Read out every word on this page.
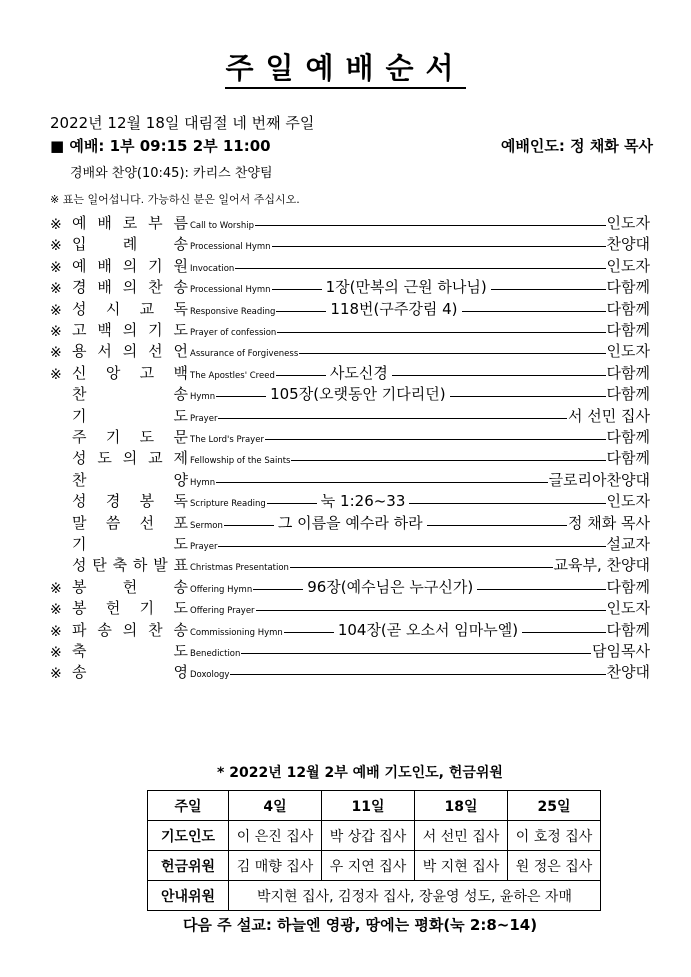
주일예배순서
2022년 12월 18일 대림절 네 번째 주일
■ 예배: 1부 09:15 2부 11:00	예배인도: 정 채화 목사
경배와 찬양(10:45): 카리스 찬양팀
※ 표는 일어섭니다. 가능하신 분은 일어서 주십시오.
※ 예 배 로 부 름 Call to Worship	인도자
※ 입 례 송 Processional Hymn	찬양대
※ 예 배 의 기 원 Invocation	인도자
※ 경 배 의 찬 송 Processional Hymn	1장(만복의 근원 하나님)	다함께
※ 성 시 교 독 Responsive Reading	118번(구주강림 4)	다함께
※ 고 백 의 기 도 Prayer of confession	다함께
※ 용 서 의 선 언 Assurance of Forgiveness	인도자
※ 신 앙 고 백 The Apostles' Creed	사도신경	다함께
찬	송 Hymn	105장(오랫동안 기다리던)	다함께
기	도 Prayer	서 선민 집사
주 기 도 문 The Lord's Prayer	다함께
성 도 의 교 제 Fellowship of the Saints	다함께
찬	양 Hymn	글로리아찬양대
성 경 봉 독 Scripture Reading	눅 1:26~33	인도자
말 씀 선 포 Sermon	그 이름을 예수라 하라	정 채화 목사
기	도 Prayer	설교자
성 탄 축 하 발 표 Christmas Presentation	교육부, 찬양대
※ 봉 헌 송 Offering Hymn	96장(예수님은 누구신가)	다함께
※ 봉 헌 기 도 Offering Prayer	인도자
※ 파 송 의 찬 송 Commissioning Hymn	104장(곧 오소서 임마누엘)	다함께
※ 축	도 Benediction	담임목사
※ 송	영 Doxology	찬양대
* 2022년 12월 2부 예배 기도인도, 헌금위원
주일	4일	11일	18일	25일
기도인도	이 은진 집사	박 상갑 집사	서 선민 집사	이 호정 집사
헌금위원	김 매향 집사	우 지연 집사	박 지현 집사	원 정은 집사
안내위원	박지현 집사, 김정자 집사, 장윤영 성도, 윤하은 자매			
다음 주 설교: 하늘엔 영광, 땅에는 평화(눅 2:8~14)
